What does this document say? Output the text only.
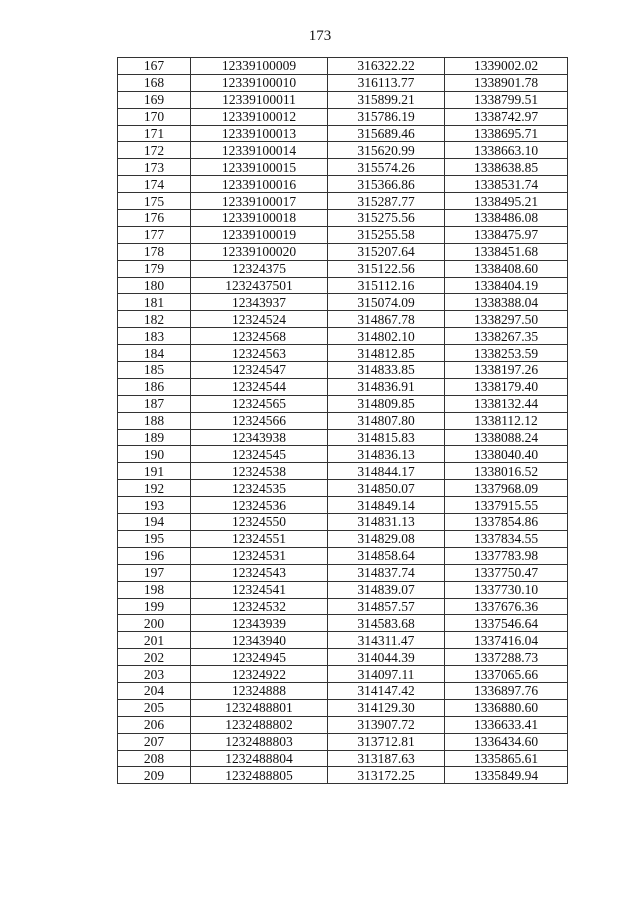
173
167	12339100009	316322.22	1339002.02
168	12339100010	316113.77	1338901.78
169	12339100011	315899.21	1338799.51
170	12339100012	315786.19	1338742.97
171	12339100013	315689.46	1338695.71
172	12339100014	315620.99	1338663.10
173	12339100015	315574.26	1338638.85
174	12339100016	315366.86	1338531.74
175	12339100017	315287.77	1338495.21
176	12339100018	315275.56	1338486.08
177	12339100019	315255.58	1338475.97
178	12339100020	315207.64	1338451.68
179	12324375	315122.56	1338408.60
180	1232437501	315112.16	1338404.19
181	12343937	315074.09	1338388.04
182	12324524	314867.78	1338297.50
183	12324568	314802.10	1338267.35
184	12324563	314812.85	1338253.59
185	12324547	314833.85	1338197.26
186	12324544	314836.91	1338179.40
187	12324565	314809.85	1338132.44
188	12324566	314807.80	1338112.12
189	12343938	314815.83	1338088.24
190	12324545	314836.13	1338040.40
191	12324538	314844.17	1338016.52
192	12324535	314850.07	1337968.09
193	12324536	314849.14	1337915.55
194	12324550	314831.13	1337854.86
195	12324551	314829.08	1337834.55
196	12324531	314858.64	1337783.98
197	12324543	314837.74	1337750.47
198	12324541	314839.07	1337730.10
199	12324532	314857.57	1337676.36
200	12343939	314583.68	1337546.64
201	12343940	314311.47	1337416.04
202	12324945	314044.39	1337288.73
203	12324922	314097.11	1337065.66
204	12324888	314147.42	1336897.76
205	1232488801	314129.30	1336880.60
206	1232488802	313907.72	1336633.41
207	1232488803	313712.81	1336434.60
208	1232488804	313187.63	1335865.61
209	1232488805	313172.25	1335849.94
